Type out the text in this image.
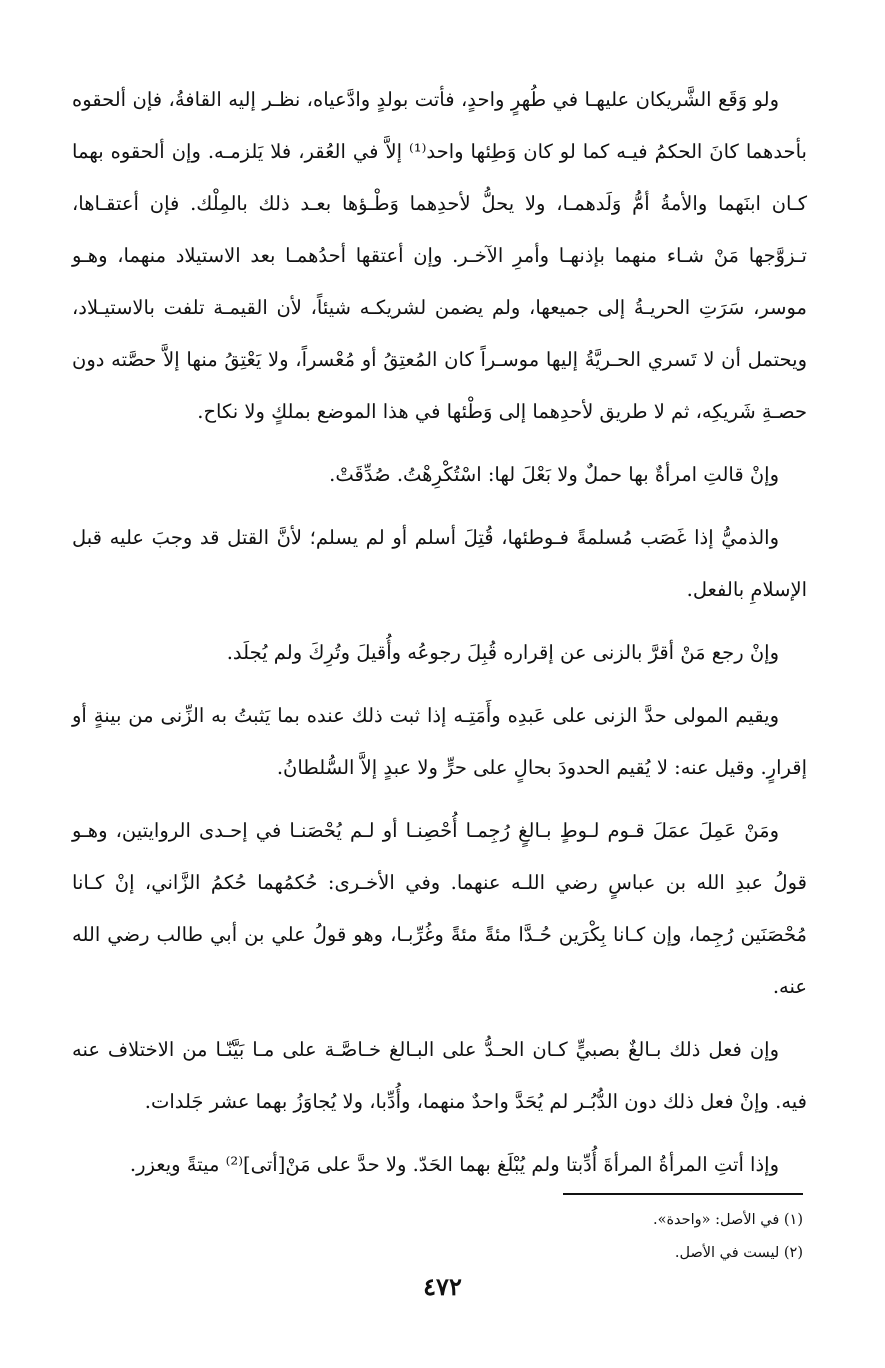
ولو وَقَع الشَّريكان عليهـا في طُهرٍ واحدٍ، فأتت بولدٍ وادَّعياه، نظـر إليه القافةُ، فإن ألحقوه بأحدهما كانَ الحكمُ فيـه كما لو كان وَطِئها واحد⁽¹⁾ إلاَّ في العُقر، فلا يَلزمـه. وإن ألحقوه بهما كـان ابنَهما والأمةُ أمُّ وَلَدهمـا، ولا يحلُّ لأحدِهما وَطْـؤها بعـد ذلك بالمِلْك. فإن أعتقـاها، تـزوَّجها مَنْ شـاء منهما بإذنهـا وأمرِ الآخـر. وإن أعتقها أحدُهمـا بعد الاستيلاد منهما، وهـو موسر، سَرَتِ الحريـةُ إلى جميعها، ولم يضمن لشريكـه شيئاً، لأن القيمـة تلفت بالاستيـلاد، ويحتمل أن لا تَسري الحـريَّةُ إليها موسـراً كان المُعتِقُ أو مُعْسراً، ولا يَعْتِقُ منها إلاَّ حصَّته دون حصـةِ شَريكِه، ثم لا طريق لأحدِهما إلى وَطْئها في هذا الموضع بملكٍ ولا نكاح.

وإنْ قالتِ امرأةٌ بها حملٌ ولا بَعْلَ لها: اسْتُكْرِهْتُ. صُدِّقَتْ.

والذميُّ إذا غَصَب مُسلمةً فـوطئها، قُتِلَ أسلم أو لم يسلم؛ لأنَّ القتل قد وجبَ عليه قبل الإسلامِ بالفعل.

وإنْ رجع مَنْ أقرَّ بالزنى عن إقراره قُبِلَ رجوعُه وأُقيلَ وتُرِكَ ولم يُجلَد.

ويقيم المولى حدَّ الزنى على عَبدِه وأَمَتِـه إذا ثبت ذلك عنده بما يَثبتُ به الزِّنى من بينةٍ أو إقرارٍ. وقيل عنه: لا يُقيم الحدودَ بحالٍ على حرٍّ ولا عبدٍ إلاَّ السُّلطانُ.

ومَنْ عَمِلَ عمَلَ قـوم لـوطٍ بـالغٍ رُجِمـا أُحْصِنـا أو لـم يُحْصَنـا في إحـدى الروايتين، وهـو قولُ عبدِ الله بن عباسٍ رضي اللـه عنهما. وفي الأخـرى: حُكمُهما حُكمُ الزَّاني، إنْ كـانا مُحْصَنَين رُجِما، وإن كـانا بِكْرَين حُـدَّا مئةً مئةً وغُرِّبـا، وهو قولُ علي بن أبي طالب رضي الله عنه.

وإن فعل ذلك بـالغٌ بصبيٍّ كـان الحـدُّ على البـالغ خـاصَّـة على مـا بَيَّنّـا من الاختلاف عنه فيه. وإنْ فعل ذلك دون الدُّبُـر لم يُحَدَّ واحدٌ منهما، وأُدِّبا، ولا يُجاوَزُ بهما عشر جَلدات.

وإذا أتتِ المرأةُ المرأةَ أُدِّبتا ولم يُبْلَغ بهما الحَدّ. ولا حدَّ على مَنْ[أتى]⁽²⁾ ميتةً ويعزر.

(١) في الأصل: «واحدة».
(٢) ليست في الأصل.
٤٧٢
